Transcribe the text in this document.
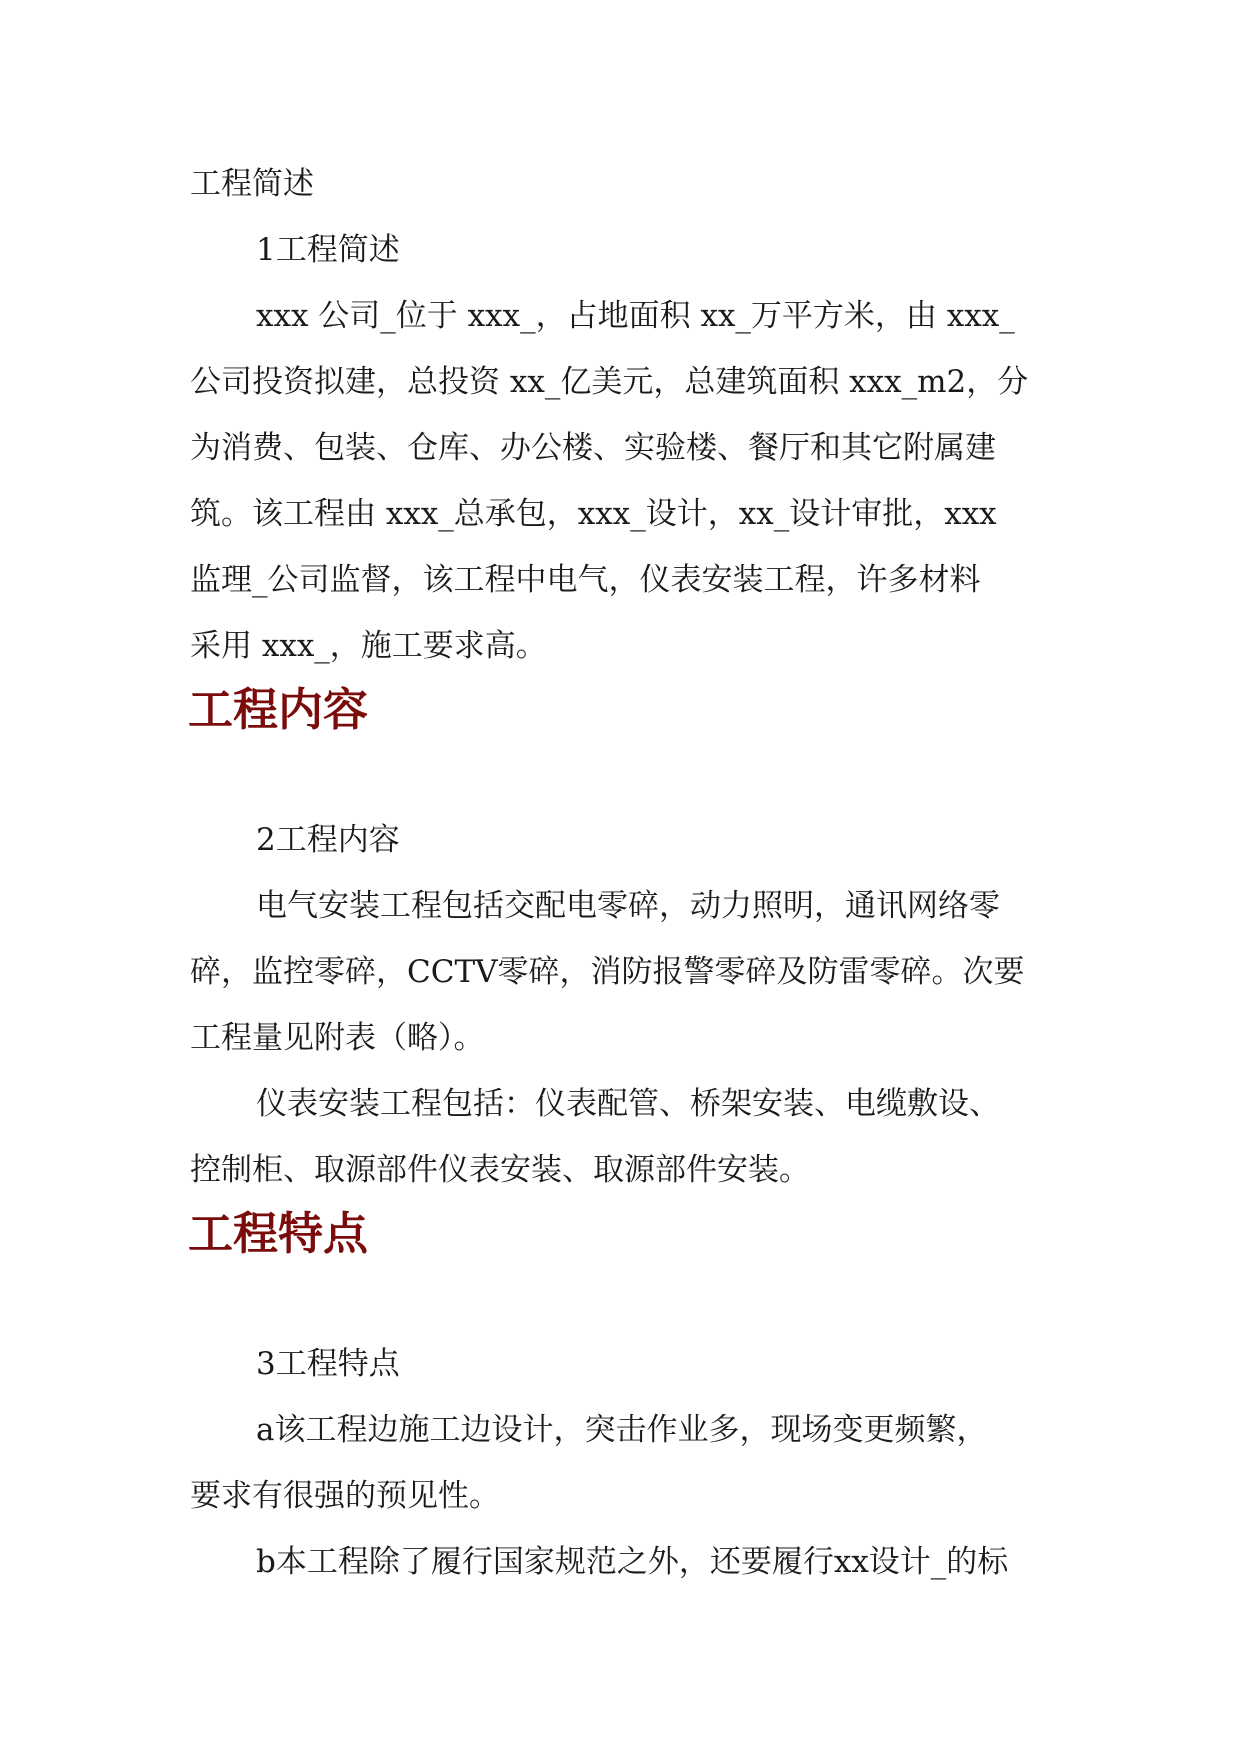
工程简述
1工程简述
xxx 公司_位于 xxx_，占地面积 xx_万平方米，由 xxx_
公司投资拟建，总投资 xx_亿美元，总建筑面积 xxx_m2，分
为消费、包装、仓库、办公楼、实验楼、餐厅和其它附属建
筑。该工程由 xxx_总承包，xxx_设计，xx_设计审批，xxx
监理_公司监督，该工程中电气，仪表安装工程，许多材料
采用 xxx_，施工要求高。
工程内容
2工程内容
电气安装工程包括交配电零碎，动力照明，通讯网络零
碎，监控零碎，CCTV零碎，消防报警零碎及防雷零碎。次要
工程量见附表（略）。
仪表安装工程包括：仪表配管、桥架安装、电缆敷设、
控制柜、取源部件仪表安装、取源部件安装。
工程特点
3工程特点
a该工程边施工边设计，突击作业多，现场变更频繁，
要求有很强的预见性。
b本工程除了履行国家规范之外，还要履行xx设计_的标
